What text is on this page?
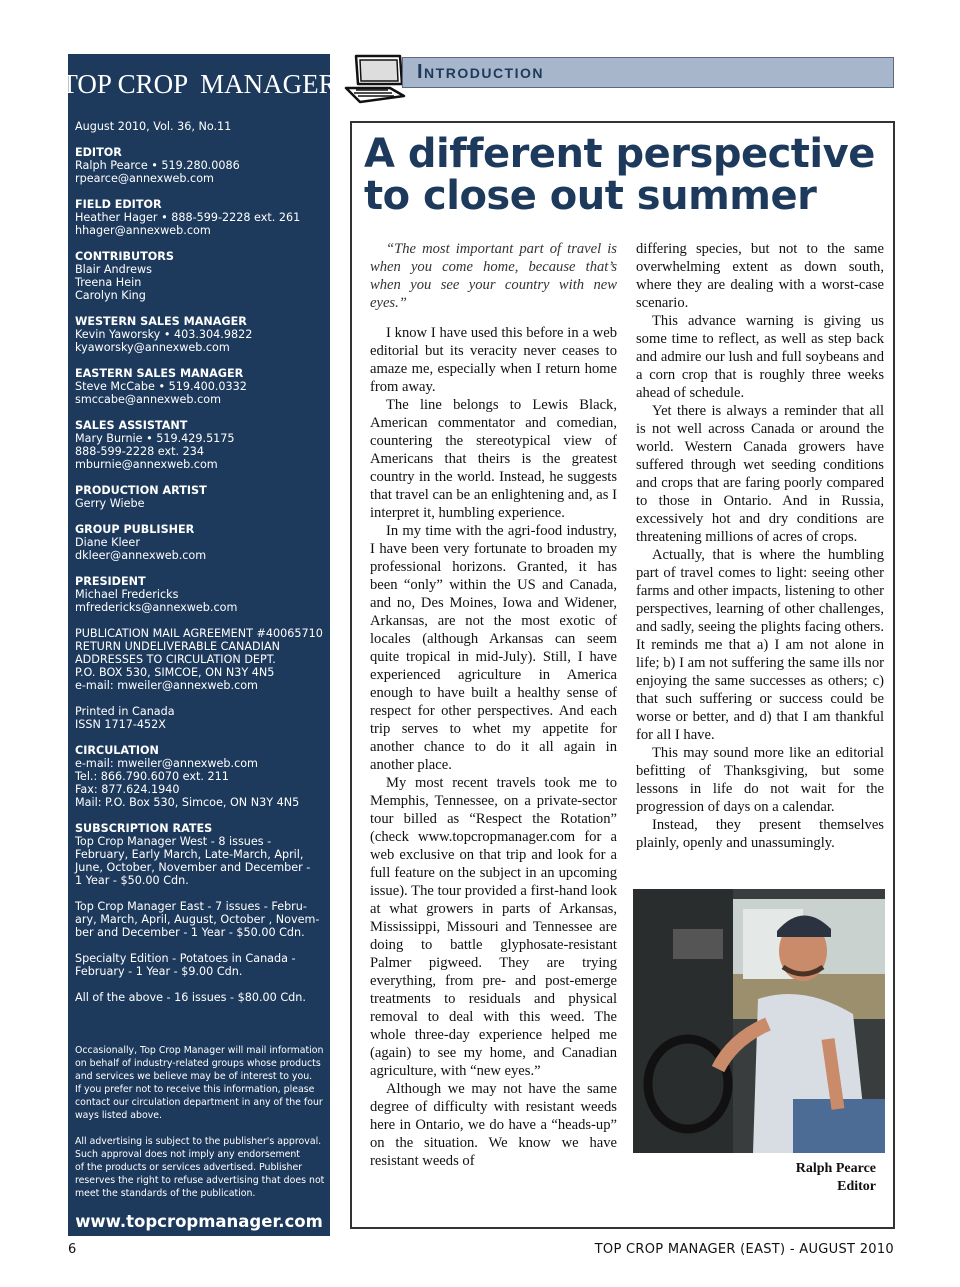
TOP CROP MANAGER
August 2010, Vol. 36, No.11
EDITOR
Ralph Pearce • 519.280.0086
rpearce@annexweb.com
FIELD EDITOR
Heather Hager • 888-599-2228 ext. 261
hhager@annexweb.com
CONTRIBUTORS
Blair Andrews
Treena Hein
Carolyn King
WESTERN SALES MANAGER
Kevin Yaworsky • 403.304.9822
kyaworsky@annexweb.com
EASTERN SALES MANAGER
Steve McCabe • 519.400.0332
smccabe@annexweb.com
SALES ASSISTANT
Mary Burnie • 519.429.5175
888-599-2228 ext. 234
mburnie@annexweb.com
PRODUCTION ARTIST
Gerry Wiebe
GROUP PUBLISHER
Diane Kleer
dkleer@annexweb.com
PRESIDENT
Michael Fredericks
mfredericks@annexweb.com
PUBLICATION MAIL AGREEMENT #40065710
RETURN UNDELIVERABLE CANADIAN
ADDRESSES TO CIRCULATION DEPT.
P.O. BOX 530, SIMCOE, ON N3Y 4N5
e-mail: mweiler@annexweb.com
Printed in Canada
ISSN 1717-452X
CIRCULATION
e-mail: mweiler@annexweb.com
Tel.: 866.790.6070 ext. 211
Fax: 877.624.1940
Mail: P.O. Box 530, Simcoe, ON N3Y 4N5
SUBSCRIPTION RATES
Top Crop Manager West - 8 issues -
February, Early March, Late-March, April,
June, October, November and December -
1 Year - $50.00 Cdn.
Top Crop Manager East - 7 issues - Febru-
ary, March, April, August, October , Novem-
ber and December - 1 Year - $50.00 Cdn.
Specialty Edition - Potatoes in Canada -
February - 1 Year - $9.00 Cdn.
All of the above - 16 issues - $80.00 Cdn.
Occasionally, Top Crop Manager will mail information
on behalf of industry-related groups whose products
and services we believe may be of interest to you.
If you prefer not to receive this information, please
contact our circulation department in any of the four
ways listed above.
All advertising is subject to the publisher's approval.
Such approval does not imply any endorsement
of the products or services advertised. Publisher
reserves the right to refuse advertising that does not
meet the standards of the publication.
www.topcropmanager.com
Introduction
A different perspective
to close out summer

“The most important part of travel is when you come home, because that’s when you see your country with new eyes.”

I know I have used this before in a web editorial but its veracity never ceases to amaze me, especially when I return home from away.

The line belongs to Lewis Black, American commentator and comedian, countering the stereotypical view of Americans that theirs is the greatest country in the world. Instead, he suggests that travel can be an enlightening and, as I interpret it, humbling experience.

In my time with the agri-food industry, I have been very fortunate to broaden my professional horizons. Granted, it has been “only” within the US and Canada, and no, Des Moines, Iowa and Widener, Arkansas, are not the most exotic of locales (although Arkansas can seem quite tropical in mid-July). Still, I have experienced agriculture in America enough to have built a healthy sense of respect for other perspectives. And each trip serves to whet my appetite for another chance to do it all again in another place.

My most recent travels took me to Memphis, Tennessee, on a private-sector tour billed as “Respect the Rotation” (check www.topcropmanager.com for a web exclusive on that trip and look for a full feature on the subject in an upcoming issue). The tour provided a first-hand look at what growers in parts of Arkansas, Mississippi, Missouri and Tennessee are doing to battle glyphosate-resistant Palmer pigweed. They are trying everything, from pre- and post-emerge treatments to residuals and physical removal to deal with this weed. The whole three-day experience helped me (again) to see my home, and Canadian agriculture, with “new eyes.”

Although we may not have the same degree of difficulty with resistant weeds here in Ontario, we do have a “heads-up” on the situation. We know we have resistant weeds of

differing species, but not to the same overwhelming extent as down south, where they are dealing with a worst-case scenario.

This advance warning is giving us some time to reflect, as well as step back and admire our lush and full soybeans and a corn crop that is roughly three weeks ahead of schedule.

Yet there is always a reminder that all is not well across Canada or around the world. Western Canada growers have suffered through wet seeding conditions and crops that are faring poorly compared to those in Ontario. And in Russia, excessively hot and dry conditions are threatening millions of acres of crops.

Actually, that is where the humbling part of travel comes to light: seeing other farms and other impacts, listening to other perspectives, learning of other challenges, and sadly, seeing the plights facing others. It reminds me that a) I am not alone in life; b) I am not suffering the same ills nor enjoying the same successes as others; c) that such suffering or success could be worse or better, and d) that I am thankful for all I have.

This may sound more like an editorial befitting of Thanksgiving, but some lessons in life do not wait for the progression of days on a calendar.

Instead, they present themselves plainly, openly and unassumingly.

Ralph Pearce
Editor
6	TOP CROP MANAGER (EAST) - AUGUST 2010
